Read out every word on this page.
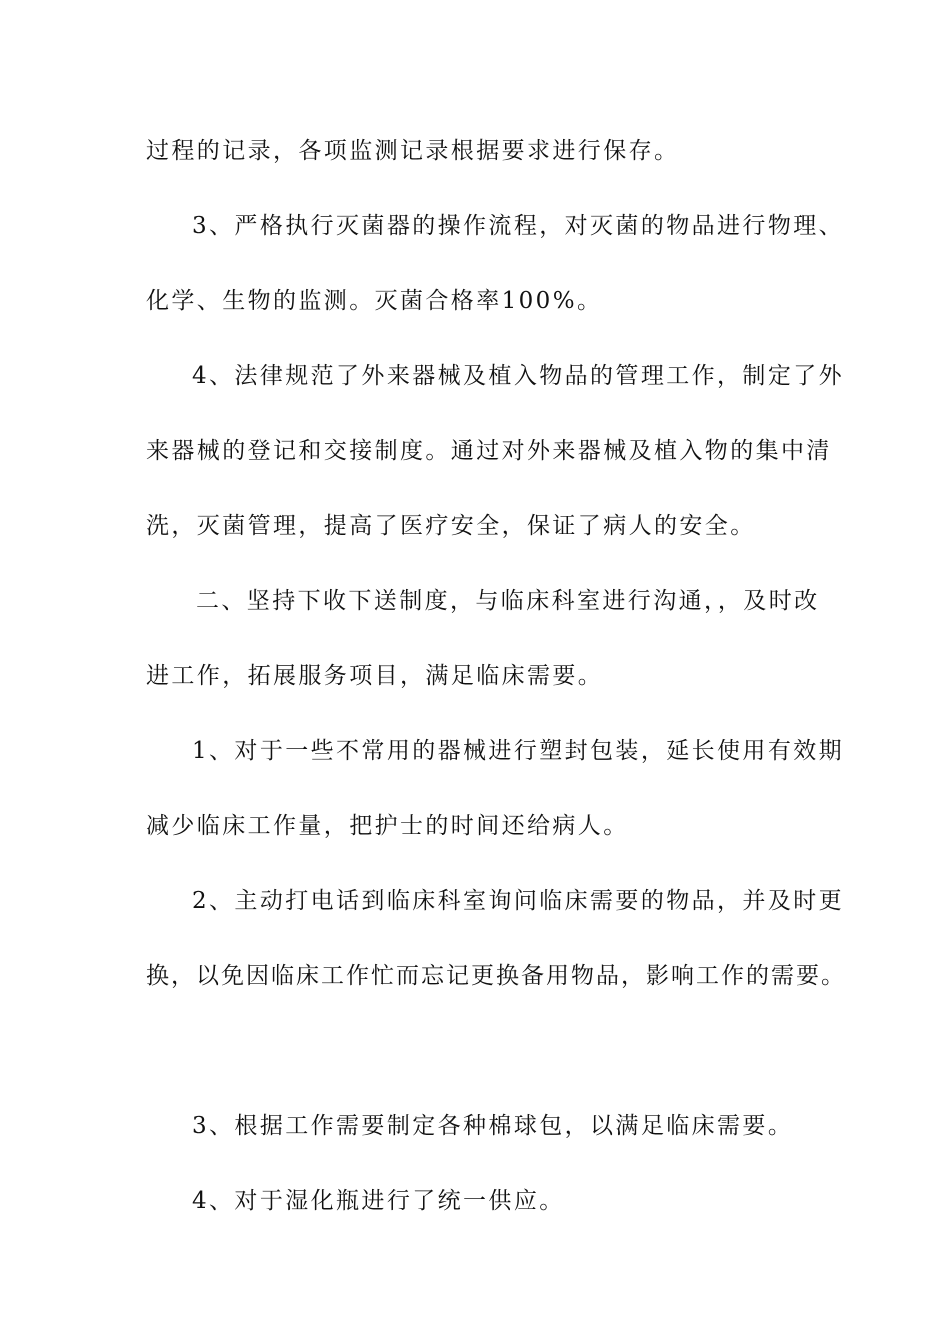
过程的记录，各项监测记录根据要求进行保存。
3、严格执行灭菌器的操作流程，对灭菌的物品进行物理、
化学、生物的监测。灭菌合格率100%。
4、法律规范了外来器械及植入物品的管理工作，制定了外
来器械的登记和交接制度。通过对外来器械及植入物的集中清
洗，灭菌管理，提高了医疗安全，保证了病人的安全。
二、坚持下收下送制度，与临床科室进行沟通，，及时改
进工作，拓展服务项目，满足临床需要。
1、对于一些不常用的器械进行塑封包装，延长使用有效期
减少临床工作量，把护士的时间还给病人。
2、主动打电话到临床科室询问临床需要的物品，并及时更
换，以免因临床工作忙而忘记更换备用物品，影响工作的需要。
3、根据工作需要制定各种棉球包，以满足临床需要。
4、对于湿化瓶进行了统一供应。
